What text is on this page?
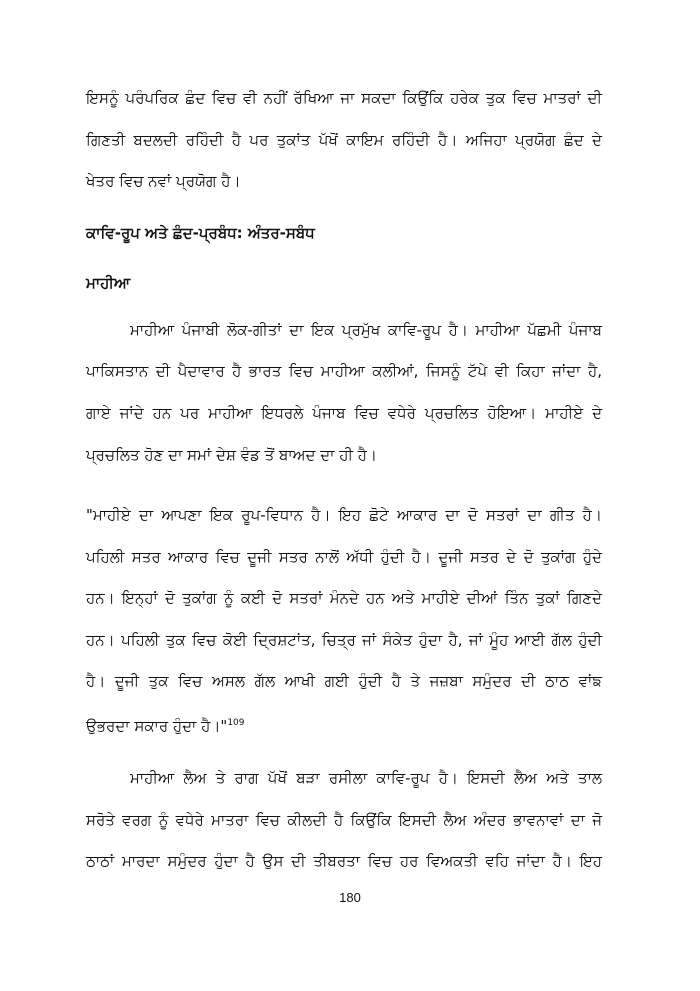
ਇਸਨੂੰ ਪਰੰਪਰਿਕ ਛੰਦ ਵਿਚ ਵੀ ਨਹੀਂ ਰੱਖਿਆ ਜਾ ਸਕਦਾ ਕਿਉਂਕਿ ਹਰੇਕ ਤੁਕ ਵਿਚ ਮਾਤਰਾਂ ਦੀ
ਗਿਣਤੀ ਬਦਲਦੀ ਰਹਿੰਦੀ ਹੈ ਪਰ ਤੁਕਾਂਤ ਪੱਖੋਂ ਕਾਇਮ ਰਹਿੰਦੀ ਹੈ। ਅਜਿਹਾ ਪ੍ਰਯੋਗ ਛੰਦ ਦੇ
ਖੇਤਰ ਵਿਚ ਨਵਾਂ ਪ੍ਰਯੋਗ ਹੈ।
ਕਾਵਿ-ਰੂਪ ਅਤੇ ਛੰਦ-ਪ੍ਰਬੰਧ: ਅੰਤਰ-ਸਬੰਧ
ਮਾਹੀਆ
ਮਾਹੀਆ ਪੰਜਾਬੀ ਲੋਕ-ਗੀਤਾਂ ਦਾ ਇਕ ਪ੍ਰਮੁੱਖ ਕਾਵਿ-ਰੂਪ ਹੈ। ਮਾਹੀਆ ਪੱਛਮੀ ਪੰਜਾਬ
ਪਾਕਿਸਤਾਨ ਦੀ ਪੈਦਾਵਾਰ ਹੈ ਭਾਰਤ ਵਿਚ ਮਾਹੀਆ ਕਲੀਆਂ, ਜਿਸਨੂੰ ਟੱਪੇ ਵੀ ਕਿਹਾ ਜਾਂਦਾ ਹੈ,
ਗਾਏ ਜਾਂਦੇ ਹਨ ਪਰ ਮਾਹੀਆ ਇਧਰਲੇ ਪੰਜਾਬ ਵਿਚ ਵਧੇਰੇ ਪ੍ਰਚਲਿਤ ਹੋਇਆ। ਮਾਹੀਏ ਦੇ
ਪ੍ਰਚਲਿਤ ਹੋਣ ਦਾ ਸਮਾਂ ਦੇਸ਼ ਵੰਡ ਤੋਂ ਬਾਅਦ ਦਾ ਹੀ ਹੈ।
"ਮਾਹੀਏ ਦਾ ਆਪਣਾ ਇਕ ਰੂਪ-ਵਿਧਾਨ ਹੈ। ਇਹ ਛੋਟੇ ਆਕਾਰ ਦਾ ਦੋ ਸਤਰਾਂ ਦਾ ਗੀਤ ਹੈ।
ਪਹਿਲੀ ਸਤਰ ਆਕਾਰ ਵਿਚ ਦੂਜੀ ਸਤਰ ਨਾਲੋਂ ਅੱਧੀ ਹੁੰਦੀ ਹੈ। ਦੂਜੀ ਸਤਰ ਦੇ ਦੋ ਤੁਕਾਂਗ ਹੁੰਦੇ
ਹਨ। ਇਨ੍ਹਾਂ ਦੋ ਤੁਕਾਂਗ ਨੂੰ ਕਈ ਦੋ ਸਤਰਾਂ ਮੰਨਦੇ ਹਨ ਅਤੇ ਮਾਹੀਏ ਦੀਆਂ ਤਿੰਨ ਤੁਕਾਂ ਗਿਣਦੇ
ਹਨ। ਪਹਿਲੀ ਤੁਕ ਵਿਚ ਕੋਈ ਦ੍ਰਿਸ਼ਟਾਂਤ, ਚਿਤ੍ਰ ਜਾਂ ਸੰਕੇਤ ਹੁੰਦਾ ਹੈ, ਜਾਂ ਮੂੰਹ ਆਈ ਗੱਲ ਹੁੰਦੀ
ਹੈ। ਦੂਜੀ ਤੁਕ ਵਿਚ ਅਸਲ ਗੱਲ ਆਖੀ ਗਈ ਹੁੰਦੀ ਹੈ ਤੇ ਜਜ਼ਬਾ ਸਮੁੰਦਰ ਦੀ ਠਾਠ ਵਾਂਙ
ਉਭਰਦਾ ਸਕਾਰ ਹੁੰਦਾ ਹੈ।"$^{109}$
ਮਾਹੀਆ ਲੈਅ ਤੇ ਰਾਗ ਪੱਖੋਂ ਬੜਾ ਰਸੀਲਾ ਕਾਵਿ-ਰੂਪ ਹੈ। ਇਸਦੀ ਲੈਅ ਅਤੇ ਤਾਲ
ਸਰੋਤੇ ਵਰਗ ਨੂੰ ਵਧੇਰੇ ਮਾਤਰਾ ਵਿਚ ਕੀਲਦੀ ਹੈ ਕਿਉਂਕਿ ਇਸਦੀ ਲੈਅ ਅੰਦਰ ਭਾਵਨਾਵਾਂ ਦਾ ਜੋ
ਠਾਠਾਂ ਮਾਰਦਾ ਸਮੁੰਦਰ ਹੁੰਦਾ ਹੈ ਉਸ ਦੀ ਤੀਬਰਤਾ ਵਿਚ ਹਰ ਵਿਅਕਤੀ ਵਹਿ ਜਾਂਦਾ ਹੈ। ਇਹ
180
